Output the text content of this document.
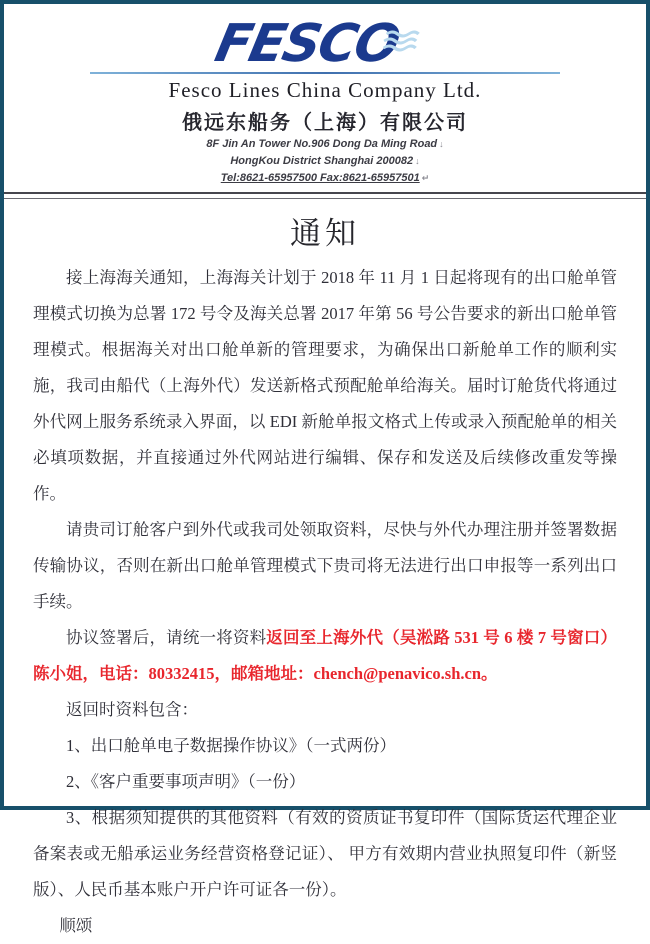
FESCO
Fesco Lines China Company Ltd.
俄远东船务（上海）有限公司
8F Jin An Tower No.906 Dong Da Ming Road ↓
HongKou District Shanghai 200082 ↓
Tel:8621-65957500 Fax:8621-65957501 ↵
通知

接上海海关通知，上海海关计划于 2018 年 11 月 1 日起将现有的出口舱单管理模式切换为总署 172 号令及海关总署 2017 年第 56 号公告要求的新出口舱单管理模式。根据海关对出口舱单新的管理要求，为确保出口新舱单工作的顺利实施，我司由船代（上海外代）发送新格式预配舱单给海关。届时订舱货代将通过外代网上服务系统录入界面，以 EDI 新舱单报文格式上传或录入预配舱单的相关必填项数据，并直接通过外代网站进行编辑、保存和发送及后续修改重发等操作。

请贵司订舱客户到外代或我司处领取资料，尽快与外代办理注册并签署数据传输协议，否则在新出口舱单管理模式下贵司将无法进行出口申报等一系列出口手续。

协议签署后，请统一将资料返回至上海外代（吴淞路 531 号 6 楼 7 号窗口）陈小姐，电话：80332415，邮箱地址：chench@penavico.sh.cn。

返回时资料包含：

1、出口舱单电子数据操作协议》（一式两份）

2、《客户重要事项声明》（一份）

3、根据须知提供的其他资料（有效的资质证书复印件（国际货运代理企业备案表或无船承运业务经营资格登记证）、 甲方有效期内营业执照复印件（新竖版）、人民币基本账户开户许可证各一份）。

顺颂
